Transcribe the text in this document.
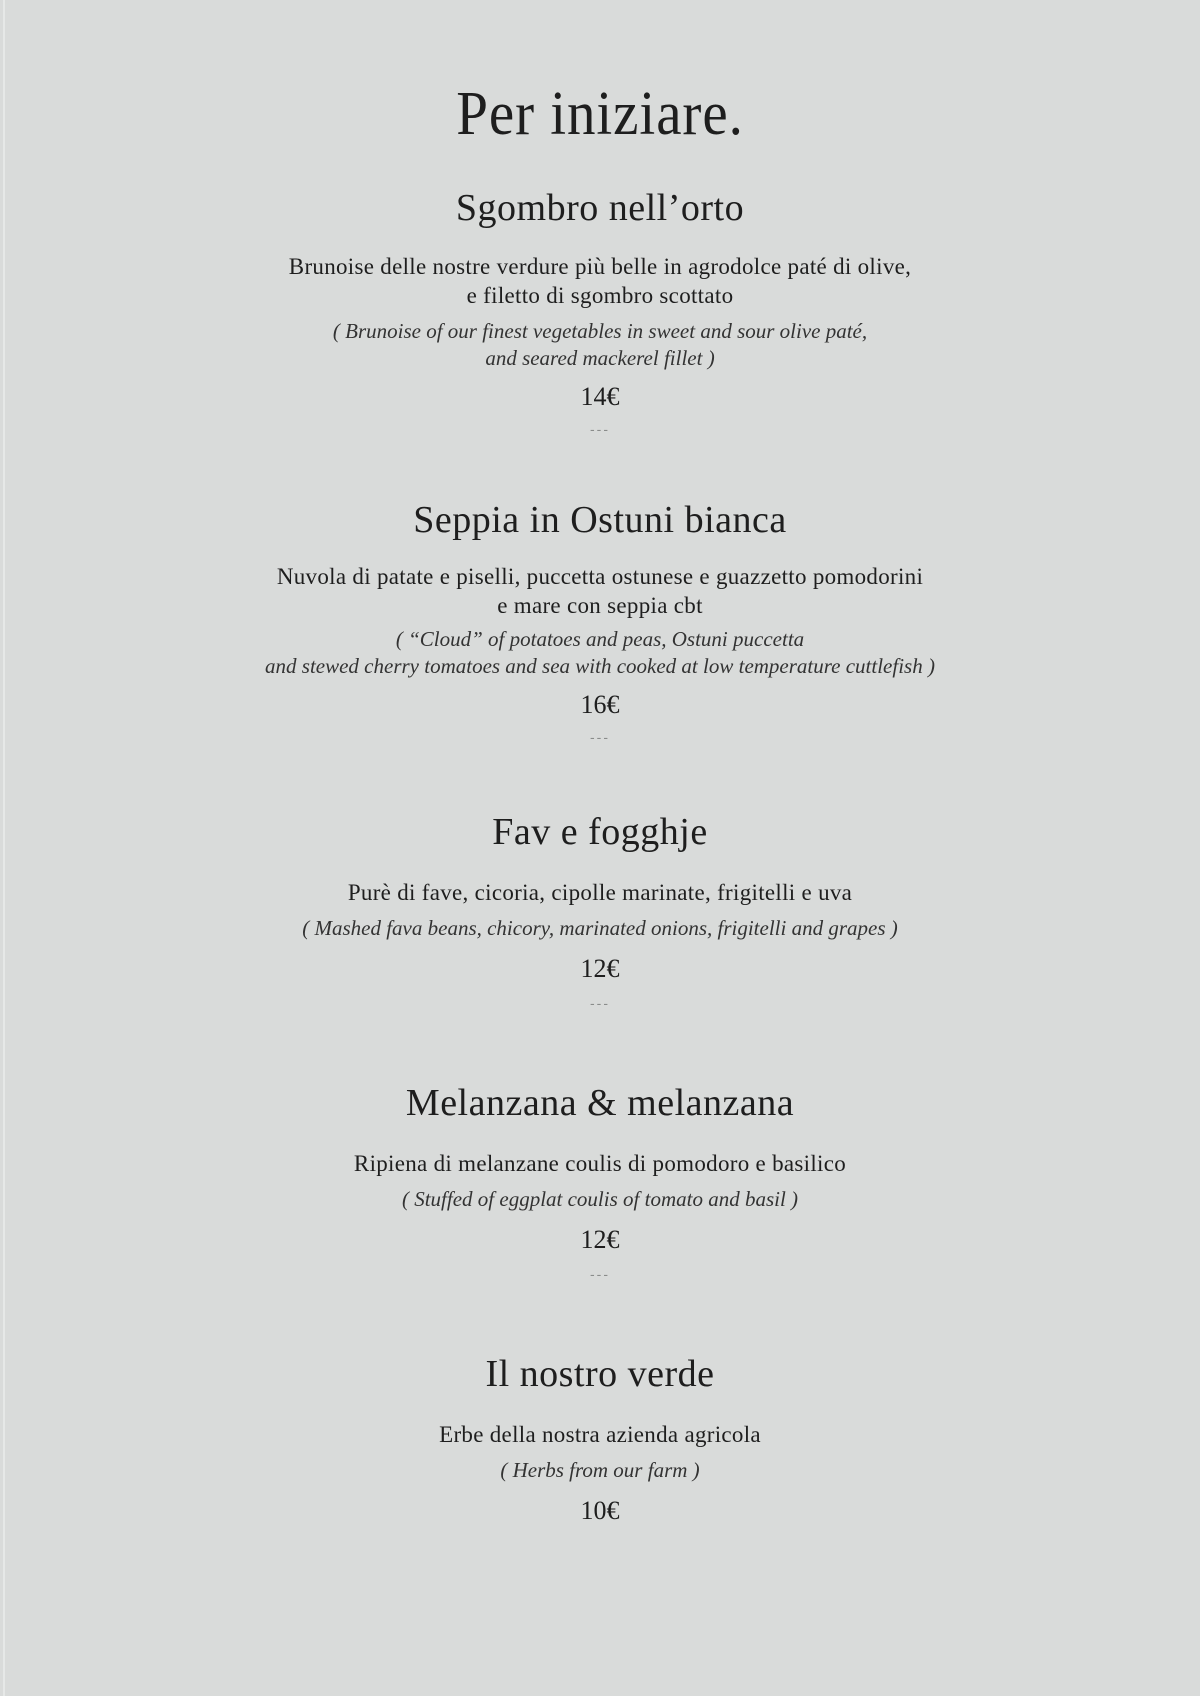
Per iniziare.
Sgombro nell’orto

Brunoise delle nostre verdure più belle in agrodolce paté di olive,

e filetto di sgombro scottato

( Brunoise of our finest vegetables in sweet and sour olive paté,

and seared mackerel fillet )

14€

---

Seppia in Ostuni bianca

Nuvola di patate e piselli, puccetta ostunese e guazzetto pomodorini

e mare con seppia cbt

( “Cloud” of potatoes and peas, Ostuni puccetta

and stewed cherry tomatoes and sea with cooked at low temperature cuttlefish )

16€

---

Fav e fogghje

Purè di fave, cicoria, cipolle marinate, frigitelli e uva

( Mashed fava beans, chicory, marinated onions, frigitelli and grapes )

12€

---

Melanzana & melanzana

Ripiena di melanzane coulis di pomodoro e basilico

( Stuffed of eggplat coulis of tomato and basil )

12€

---

Il nostro verde

Erbe della nostra azienda agricola

( Herbs from our farm )

10€
